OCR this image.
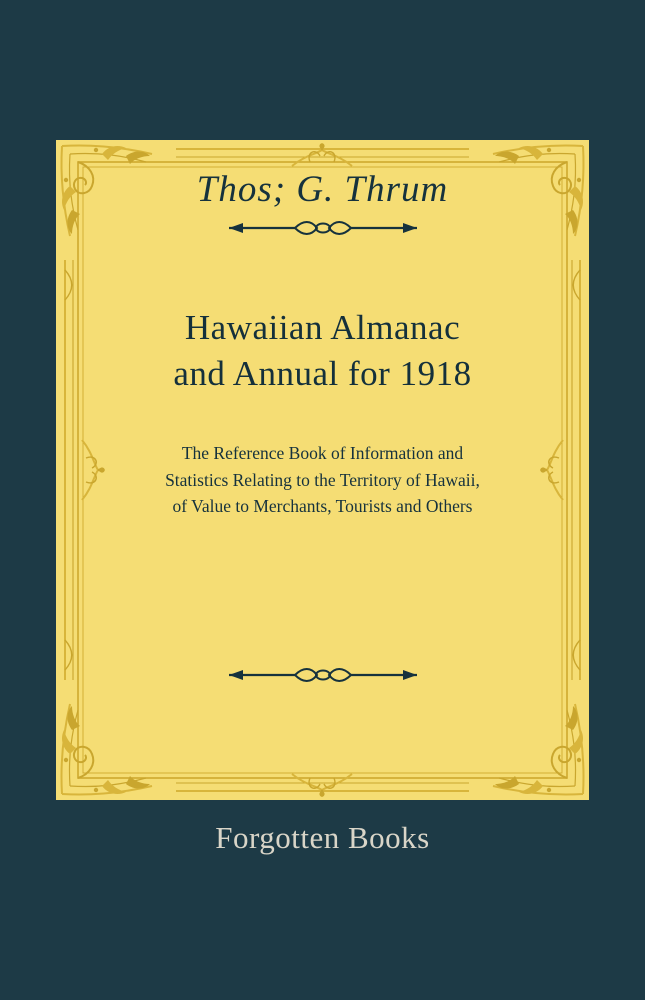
Thos; G. Thrum
Hawaiian Almanac
and Annual for 1918
The Reference Book of Information and
Statistics Relating to the Territory of Hawaii,
of Value to Merchants, Tourists and Others
Forgotten Books
